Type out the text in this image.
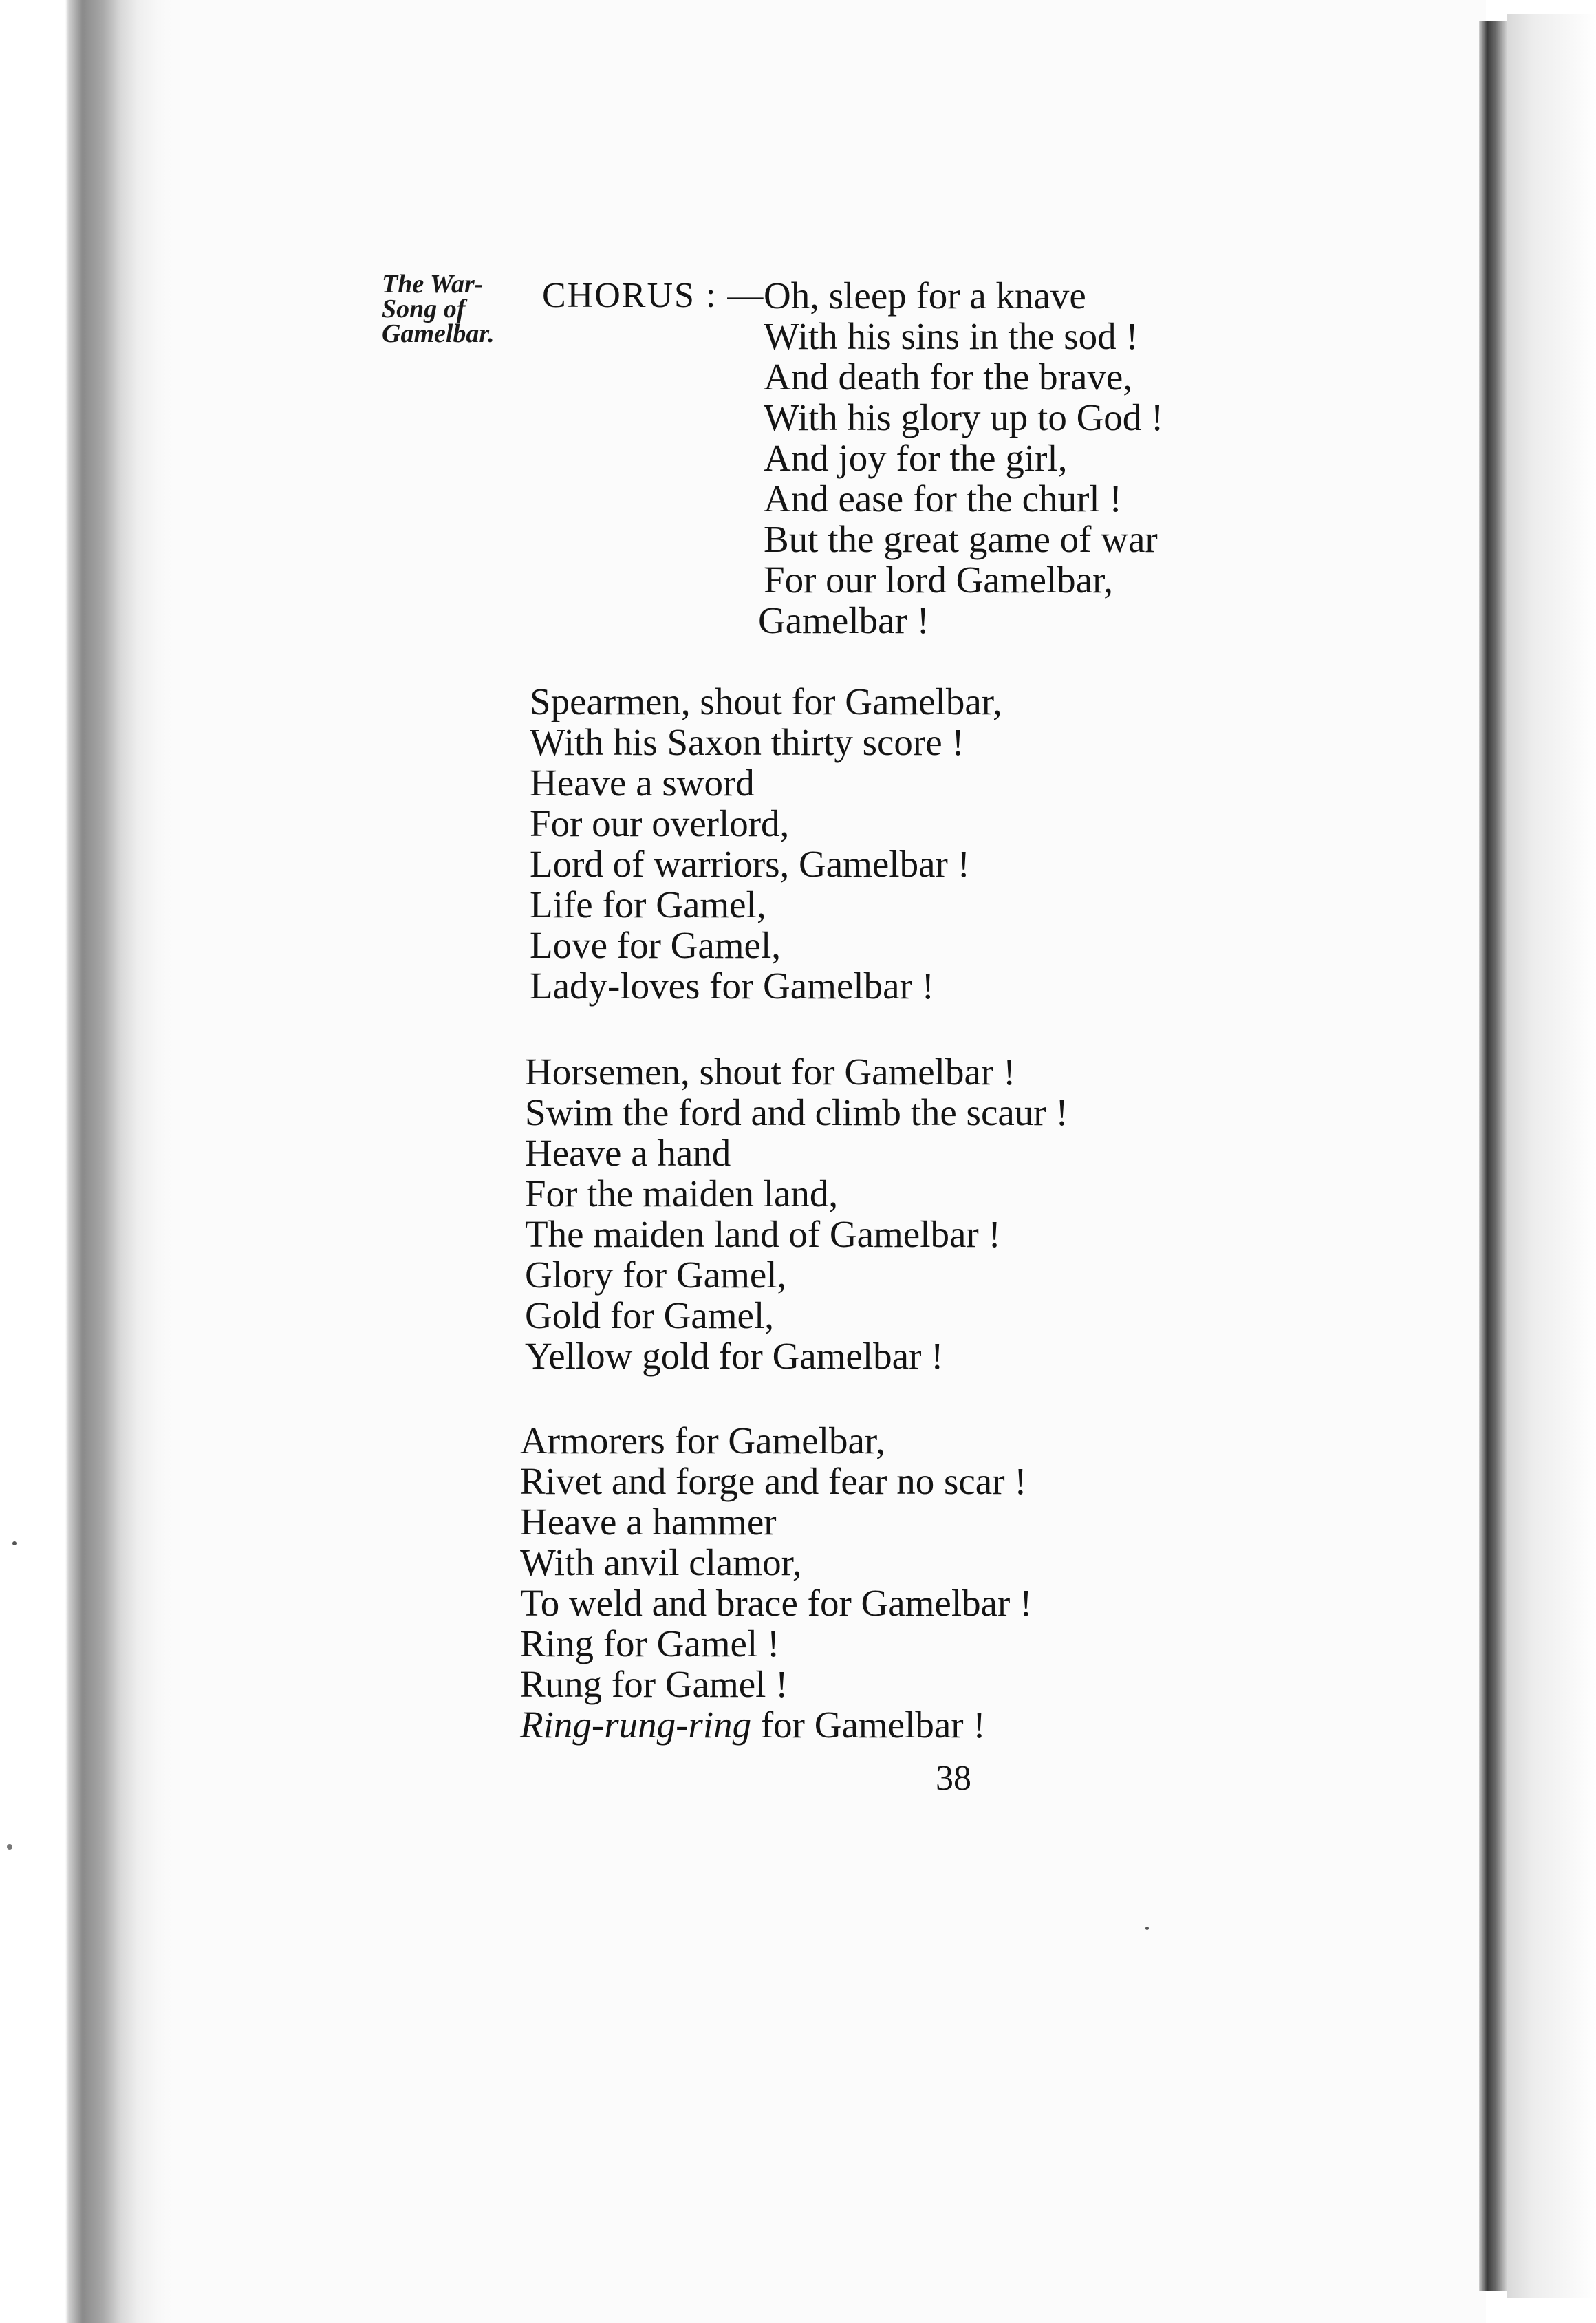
The War-
Song of
Gamelbar.
CHORUS : —
Oh, sleep for a knave
With his sins in the sod !
And death for the brave,
With his glory up to God !
And joy for the girl,
And ease for the churl !
But the great game of war
For our lord Gamelbar,
Gamelbar !
Spearmen, shout for Gamelbar,
With his Saxon thirty score !
Heave a sword
For our overlord,
Lord of warriors, Gamelbar !
Life for Gamel,
Love for Gamel,
Lady-loves for Gamelbar !
Horsemen, shout for Gamelbar !
Swim the ford and climb the scaur !
Heave a hand
For the maiden land,
The maiden land of Gamelbar !
Glory for Gamel,
Gold for Gamel,
Yellow gold for Gamelbar !
Armorers for Gamelbar,
Rivet and forge and fear no scar !
Heave a hammer
With anvil clamor,
To weld and brace for Gamelbar !
Ring for Gamel !
Rung for Gamel !
Ring-rung-ring for Gamelbar !
38
